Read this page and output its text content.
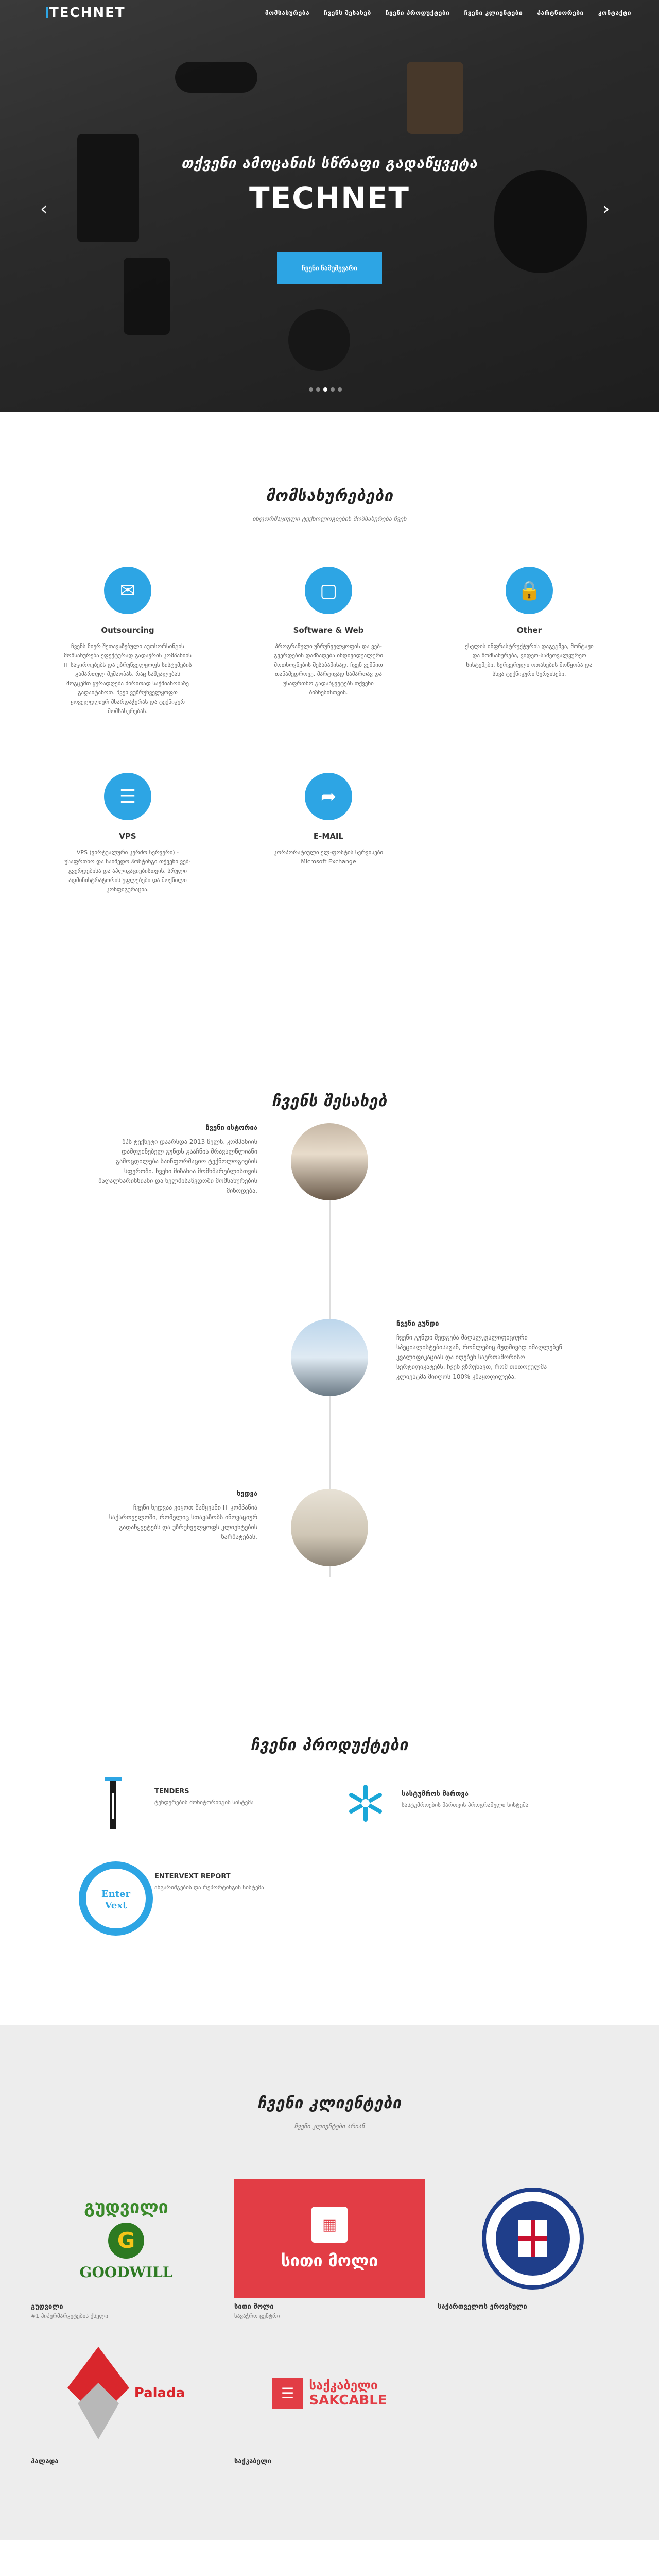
TECHNET	მომსახურება ჩვენს შესახებ ჩვენი პროდუქტები ჩვენი კლიენტები პარტნიორები კონტაქტი
თქვენი ამოცანის სწრაფი გადაწყვეტა
TECHNET
ჩვენი ნამუშევარი
‹	›
მომსახურებები
ინფორმაციული ტექნოლოგიების მომსახურება ჩვენ
✉
Outsourcing
ჩვენს მიერ შეთავაზებული აუთსორსინგის მომსახურება ეფექტურად გადაჭრის კომპანიის IT საჭიროებებს და უზრუნველყოფს სისტემების გამართულ მუშაობას, რაც საშუალებას მოგცემთ ყურადღება ძირითად საქმიანობაზე გადაიტანოთ. ჩვენ ვუზრუნველყოფთ ყოველდღიურ მხარდაჭერას და ტექნიკურ მომსახურებას.
▢
Software & Web
პროგრამული უზრუნველყოფის და ვებ-გვერდების დამზადება ინდივიდუალური მოთხოვნების შესაბამისად. ჩვენ ვქმნით თანამედროვე, მარტივად სამართავ და უსაფრთხო გადაწყვეტებს თქვენი ბიზნესისთვის.
🔒
Other
ქსელის ინფრასტრუქტურის დაგეგმვა, მონტაჟი და მომსახურება, ვიდეო-სამეთვალყურეო სისტემები, სერვერული ოთახების მოწყობა და სხვა ტექნიკური სერვისები.
☰
VPS
VPS (ვირტუალური კერძო სერვერი) - უსაფრთხო და საიმედო ჰოსტინგი თქვენი ვებ-გვერდებისა და აპლიკაციებისთვის. სრული ადმინისტრატორის უფლებები და მოქნილი კონფიგურაცია.
➦
E-MAIL
კორპორატიული ელ-ფოსტის სერვისები Microsoft Exchange
ჩვენს შესახებ
ჩვენი ისტორია
შპს ტექნეტი დაარსდა 2013 წელს. კომპანიის დამფუძნებელ გუნდს გააჩნია მრავალწლიანი გამოცდილება საინფორმაციო ტექნოლოგიების სფეროში. ჩვენი მიზანია მომხმარებლისთვის მაღალხარისხიანი და ხელმისაწვდომი მომსახურების მიწოდება.
ჩვენი გუნდი
ჩვენი გუნდი შედგება მაღალკვალიფიციური სპეციალისტებისაგან, რომლებიც მუდმივად იმაღლებენ კვალიფიკაციას და იღებენ საერთაშორისო სერტიფიკატებს. ჩვენ ვზრუნავთ, რომ თითოეულმა კლიენტმა მიიღოს 100% კმაყოფილება.
ხედვა
ჩვენი ხედვაა ვიყოთ წამყვანი IT კომპანია საქართველოში, რომელიც სთავაზობს ინოვაციურ გადაწყვეტებს და უზრუნველყოფს კლიენტების წარმატებას.
ჩვენი პროდუქტები
TENDERS
ტენდერების მონიტორინგის სისტემა
სასტუმროს მართვა
სასტუმროების მართვის პროგრამული სისტემა
Enter
Vext
ENTERVEXT REPORT
ანგარიშგების და რეპორტინგის სისტემა
ჩვენი კლიენტები
ჩვენი კლიენტები არიან
გუდვილი
G
GOODWILL
გუდვილი
#1 ჰიპერმარკეტების ქსელი
▦
სითი მოლი
სითი მოლი
სავაჭრო ცენტრი
საქართველოს ეროვნული
Palada
პალადა
☰	საქკაბელი
SAKCABLE
საქკაბელი
